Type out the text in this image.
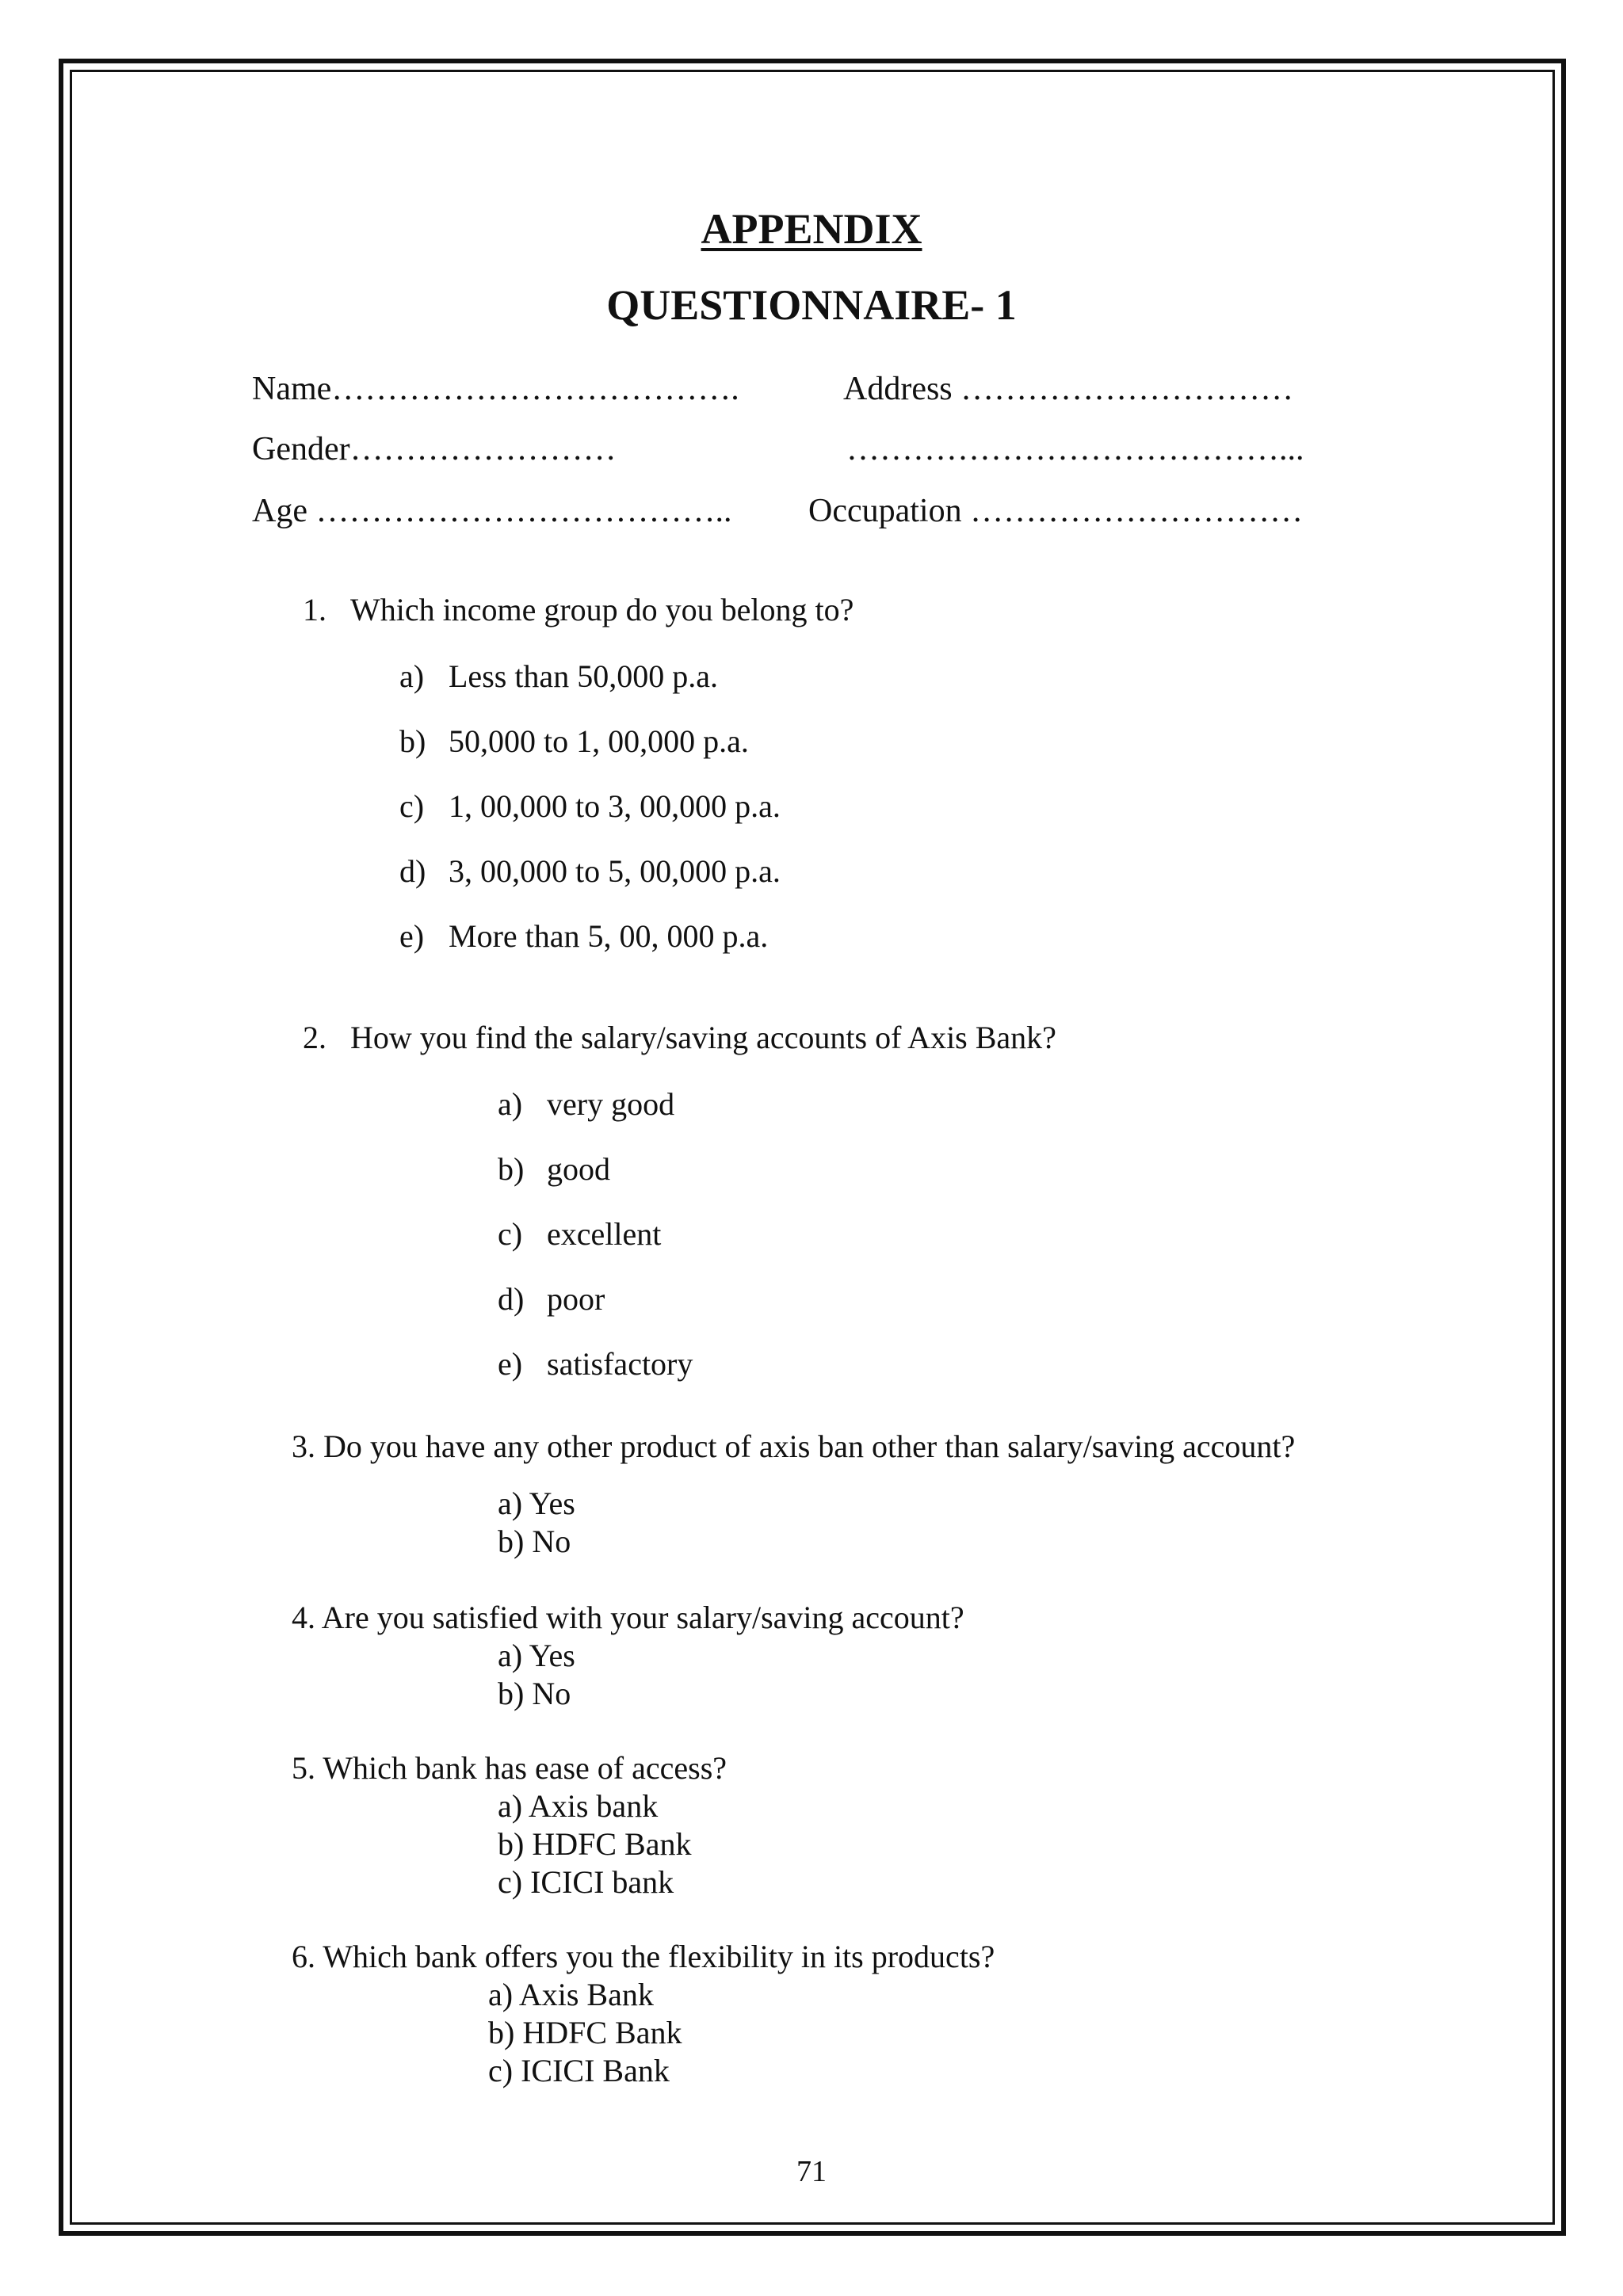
APPENDIX
QUESTIONNAIRE- 1
Name……………………………….	Address …………………………
Gender……………………	…………………………………...
Age ……………………………….. Occupation …………………………
1. Which income group do you belong to?
a) Less than 50,000 p.a.
b) 50,000 to 1, 00,000 p.a.
c) 1, 00,000 to 3, 00,000 p.a.
d) 3, 00,000 to 5, 00,000 p.a.
e) More than 5, 00, 000 p.a.
2. How you find the salary/saving accounts of Axis Bank?
a) very good
b) good
c) excellent
d) poor
e) satisfactory
3. Do you have any other product of axis ban other than salary/saving account?
a) Yes
b) No
4. Are you satisfied with your salary/saving account?
a) Yes
b) No
5. Which bank has ease of access?
a) Axis bank
b) HDFC Bank
c) ICICI bank
6. Which bank offers you the flexibility in its products?
a) Axis Bank
b) HDFC Bank
c) ICICI Bank
71
